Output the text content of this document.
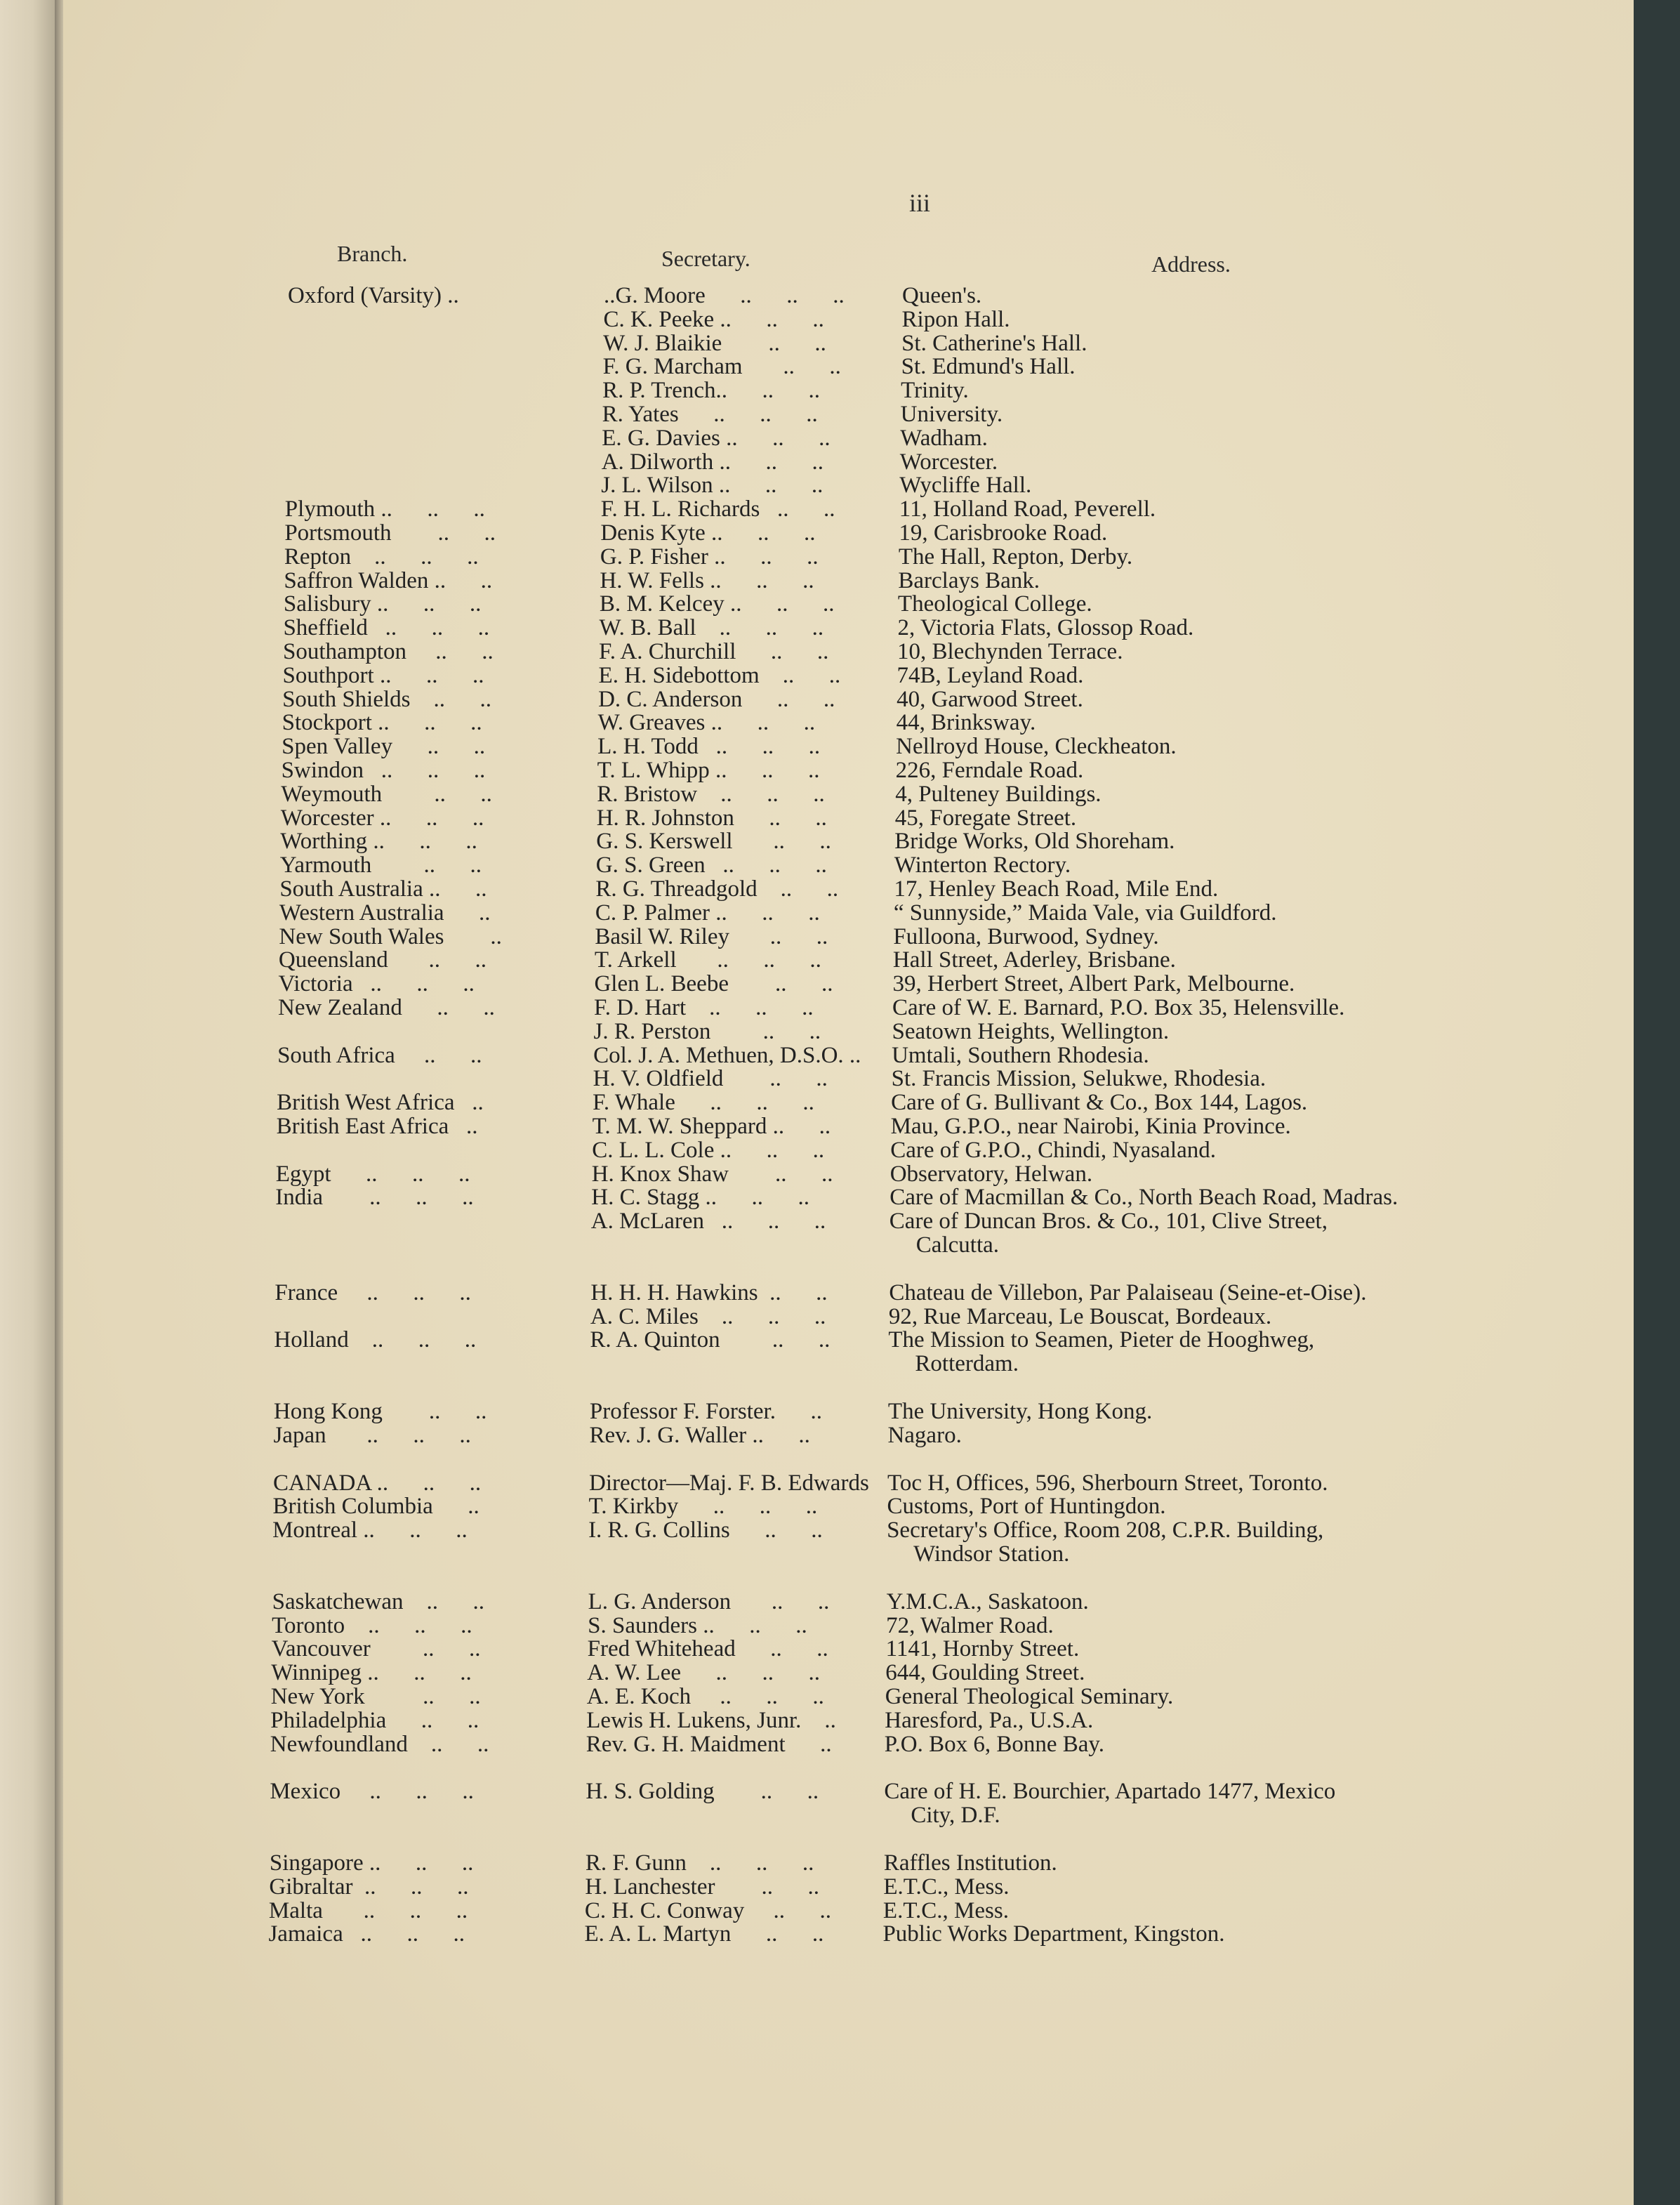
iii
Branch.	Secretary.	Address.
Oxford (Varsity) ..	..G. Moore      ..      ..      .. Queen's.
C. K. Peeke ..      ..      ..	Ripon Hall.
W. J. Blaikie        ..      ..	St. Catherine's Hall.
F. G. Marcham       ..      ..	St. Edmund's Hall.
R. P. Trench..      ..      ..	Trinity.
R. Yates      ..      ..      ..	University.
E. G. Davies ..      ..      ..	Wadham.
A. Dilworth ..      ..      ..	Worcester.
J. L. Wilson ..      ..      ..	Wycliffe Hall.
Plymouth ..      ..      ..	F. H. L. Richards   ..      ..	11, Holland Road, Peverell.
Portsmouth        ..      ..	Denis Kyte ..      ..      ..	19, Carisbrooke Road.
Repton    ..      ..      ..	G. P. Fisher ..      ..      ..	The Hall, Repton, Derby.
Saffron Walden ..      ..	H. W. Fells ..      ..      ..	Barclays Bank.
Salisbury ..      ..      ..	B. M. Kelcey ..      ..      ..	Theological College.
Sheffield   ..      ..      ..	W. B. Ball    ..      ..      ..	2, Victoria Flats, Glossop Road.
Southampton     ..      ..	F. A. Churchill      ..      ..	10, Blechynden Terrace.
Southport ..      ..      ..	E. H. Sidebottom    ..      .. 74B, Leyland Road.
South Shields    ..      ..	D. C. Anderson      ..      ..	40, Garwood Street.
Stockport ..      ..      ..	W. Greaves ..      ..      ..	44, Brinksway.
Spen Valley      ..      ..	L. H. Todd   ..      ..      ..	Nellroyd House, Cleckheaton.
Swindon   ..      ..      ..	T. L. Whipp ..      ..      ..	226, Ferndale Road.
Weymouth         ..      ..	R. Bristow    ..      ..      ..	4, Pulteney Buildings.
Worcester ..      ..      ..	H. R. Johnston      ..      ..	45, Foregate Street.
Worthing ..      ..      ..	G. S. Kerswell       ..      ..	Bridge Works, Old Shoreham.
Yarmouth         ..      ..	G. S. Green   ..      ..      ..	Winterton Rectory.
South Australia ..      ..	R. G. Threadgold    ..      .. 17, Henley Beach Road, Mile End.
Western Australia      ..	C. P. Palmer ..      ..      ..	“ Sunnyside,” Maida Vale, via Guildford.
New South Wales        ..	Basil W. Riley       ..      ..	Fulloona, Burwood, Sydney.
Queensland       ..      ..	T. Arkell       ..      ..      ..	Hall Street, Aderley, Brisbane.
Victoria   ..      ..      ..	Glen L. Beebe        ..      ..	39, Herbert Street, Albert Park, Melbourne.
New Zealand      ..      ..	F. D. Hart    ..      ..      ..	Care of W. E. Barnard, P.O. Box 35, Helensville.
J. R. Perston         ..      ..	Seatown Heights, Wellington.
South Africa     ..      ..	Col. J. A. Methuen, D.S.O. .. Umtali, Southern Rhodesia.
H. V. Oldfield        ..      ..	St. Francis Mission, Selukwe, Rhodesia.
British West Africa   ..	F. Whale      ..      ..      ..	Care of G. Bullivant & Co., Box 144, Lagos.
British East Africa   ..	T. M. W. Sheppard ..      ..	Mau, G.P.O., near Nairobi, Kinia Province.
C. L. L. Cole ..      ..      ..	Care of G.P.O., Chindi, Nyasaland.
Egypt      ..      ..      ..	H. Knox Shaw        ..      .. Observatory, Helwan.
India        ..      ..      ..	H. C. Stagg ..      ..      ..	Care of Macmillan & Co., North Beach Road, Madras.
A. McLaren   ..      ..      ..	Care of Duncan Bros. & Co., 101, Clive Street,
Calcutta.
France     ..      ..      ..	H. H. H. Hawkins  ..      ..	Chateau de Villebon, Par Palaiseau (Seine-et-Oise).
A. C. Miles    ..      ..      ..	92, Rue Marceau, Le Bouscat, Bordeaux.
Holland    ..      ..      ..	R. A. Quinton         ..      ..	The Mission to Seamen, Pieter de Hooghweg,
Rotterdam.
Hong Kong        ..      ..	Professor F. Forster.      ..	The University, Hong Kong.
Japan       ..      ..      ..	Rev. J. G. Waller ..      ..	Nagaro.
CANADA ..      ..      ..	Director—Maj. F. B. Edwards Toc H, Offices, 596, Sherbourn Street, Toronto.
British Columbia      ..	T. Kirkby      ..      ..      ..	Customs, Port of Huntingdon.
Montreal ..      ..      ..	I. R. G. Collins      ..      ..	Secretary's Office, Room 208, C.P.R. Building,
Windsor Station.
Saskatchewan    ..      ..	L. G. Anderson       ..      .. Y.M.C.A., Saskatoon.
Toronto    ..      ..      ..	S. Saunders ..      ..      ..	72, Walmer Road.
Vancouver         ..      ..	Fred Whitehead      ..      .. 1141, Hornby Street.
Winnipeg ..      ..      ..	A. W. Lee      ..      ..      ..	644, Goulding Street.
New York          ..      ..	A. E. Koch     ..      ..      ..	General Theological Seminary.
Philadelphia      ..      ..	Lewis H. Lukens, Junr.    .. Haresford, Pa., U.S.A.
Newfoundland    ..      ..	Rev. G. H. Maidment      .. P.O. Box 6, Bonne Bay.
Mexico     ..      ..      ..	H. S. Golding        ..      ..	Care of H. E. Bourchier, Apartado 1477, Mexico
City, D.F.
Singapore ..      ..      ..	R. F. Gunn    ..      ..      ..	Raffles Institution.
Gibraltar  ..      ..      ..	H. Lanchester        ..      ..	E.T.C., Mess.
Malta       ..      ..      ..	C. H. C. Conway     ..      .. E.T.C., Mess.
Jamaica   ..      ..      ..	E. A. L. Martyn      ..      ..	Public Works Department, Kingston.
